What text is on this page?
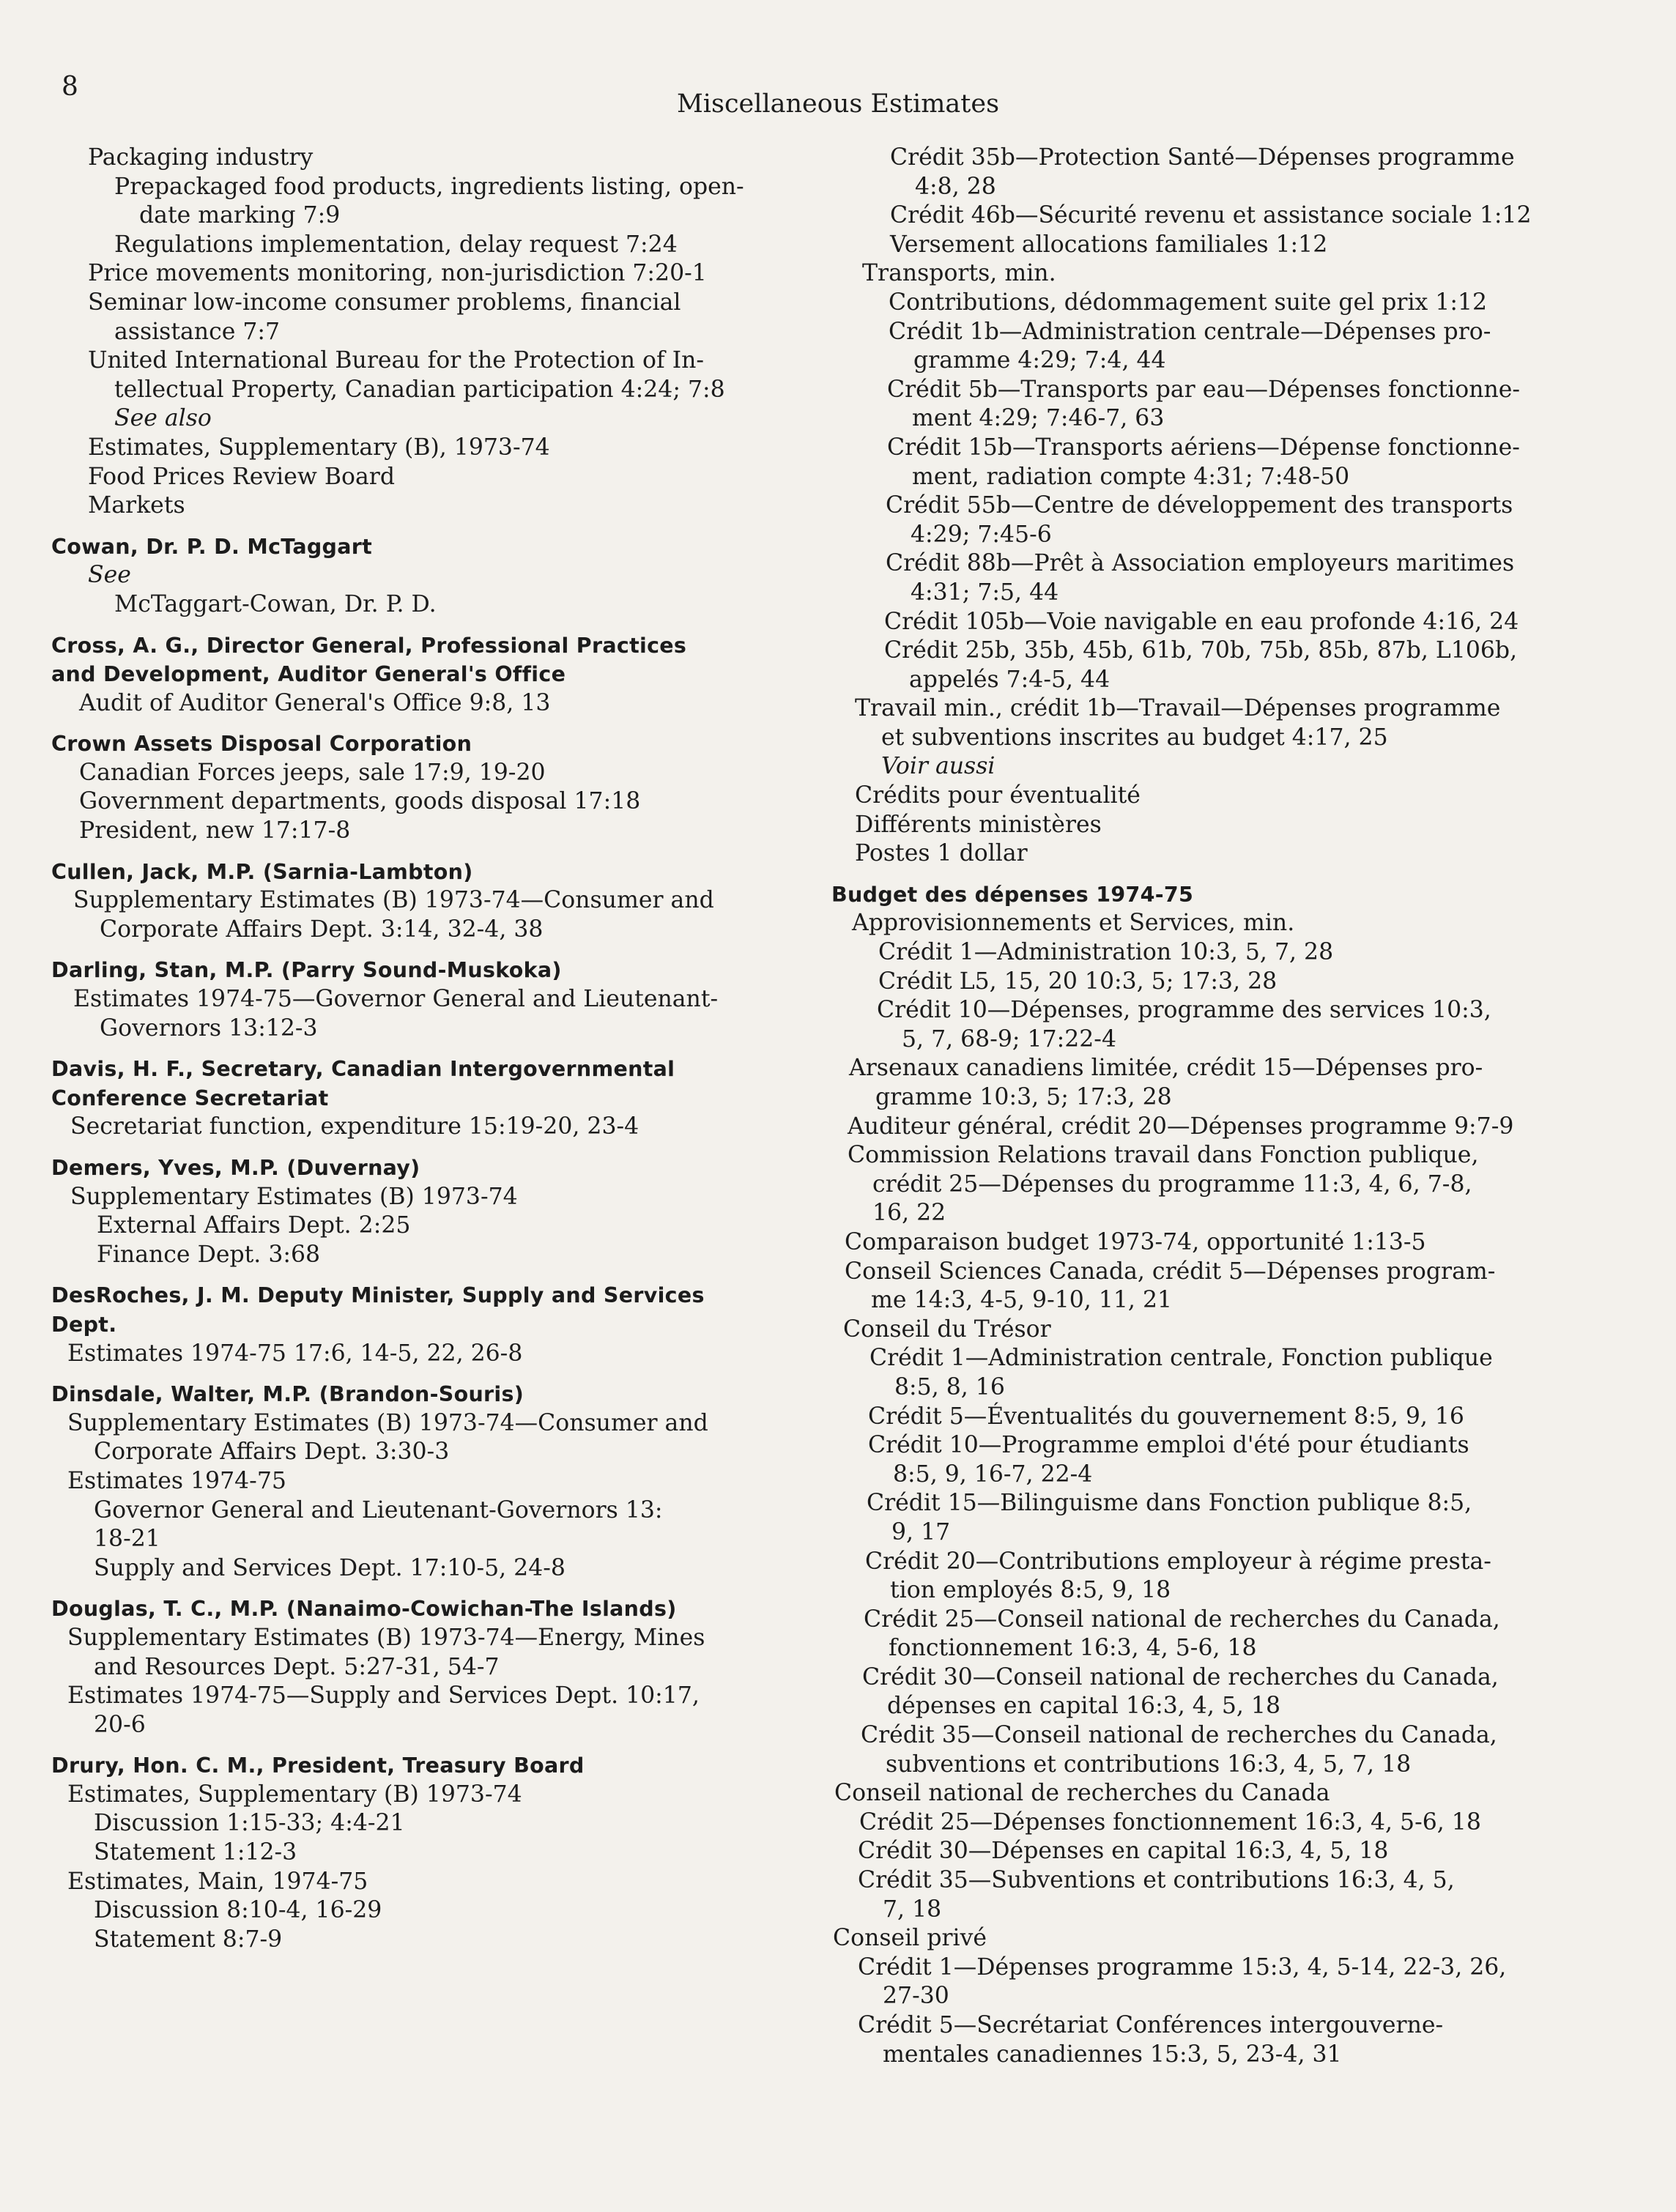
8
Miscellaneous Estimates
Packaging industry
Prepackaged food products, ingredients listing, open-
date marking 7:9
Regulations implementation, delay request 7:24
Price movements monitoring, non-jurisdiction 7:20-1
Seminar low-income consumer problems, financial
assistance 7:7
United International Bureau for the Protection of In-
tellectual Property, Canadian participation 4:24; 7:8
See also
Estimates, Supplementary (B), 1973-74
Food Prices Review Board
Markets
Cowan, Dr. P. D. McTaggart
See
McTaggart-Cowan, Dr. P. D.
Cross, A. G., Director General, Professional Practices
and Development, Auditor General's Office
Audit of Auditor General's Office 9:8, 13
Crown Assets Disposal Corporation
Canadian Forces jeeps, sale 17:9, 19-20
Government departments, goods disposal 17:18
President, new 17:17-8
Cullen, Jack, M.P. (Sarnia-Lambton)
Supplementary Estimates (B) 1973-74—Consumer and
Corporate Affairs Dept. 3:14, 32-4, 38
Darling, Stan, M.P. (Parry Sound-Muskoka)
Estimates 1974-75—Governor General and Lieutenant-
Governors 13:12-3
Davis, H. F., Secretary, Canadian Intergovernmental
Conference Secretariat
Secretariat function, expenditure 15:19-20, 23-4
Demers, Yves, M.P. (Duvernay)
Supplementary Estimates (B) 1973-74
External Affairs Dept. 2:25
Finance Dept. 3:68
DesRoches, J. M. Deputy Minister, Supply and Services
Dept.
Estimates 1974-75 17:6, 14-5, 22, 26-8
Dinsdale, Walter, M.P. (Brandon-Souris)
Supplementary Estimates (B) 1973-74—Consumer and
Corporate Affairs Dept. 3:30-3
Estimates 1974-75
Governor General and Lieutenant-Governors 13:
18-21
Supply and Services Dept. 17:10-5, 24-8
Douglas, T. C., M.P. (Nanaimo-Cowichan-The Islands)
Supplementary Estimates (B) 1973-74—Energy, Mines
and Resources Dept. 5:27-31, 54-7
Estimates 1974-75—Supply and Services Dept. 10:17,
20-6
Drury, Hon. C. M., President, Treasury Board
Estimates, Supplementary (B) 1973-74
Discussion 1:15-33; 4:4-21
Statement 1:12-3
Estimates, Main, 1974-75
Discussion 8:10-4, 16-29
Statement 8:7-9
Crédit 35b—Protection Santé—Dépenses programme
4:8, 28
Crédit 46b—Sécurité revenu et assistance sociale 1:12
Versement allocations familiales 1:12
Transports, min.
Contributions, dédommagement suite gel prix 1:12
Crédit 1b—Administration centrale—Dépenses pro-
gramme 4:29; 7:4, 44
Crédit 5b—Transports par eau—Dépenses fonctionne-
ment 4:29; 7:46-7, 63
Crédit 15b—Transports aériens—Dépense fonctionne-
ment, radiation compte 4:31; 7:48-50
Crédit 55b—Centre de développement des transports
4:29; 7:45-6
Crédit 88b—Prêt à Association employeurs maritimes
4:31; 7:5, 44
Crédit 105b—Voie navigable en eau profonde 4:16, 24
Crédit 25b, 35b, 45b, 61b, 70b, 75b, 85b, 87b, L106b,
appelés 7:4-5, 44
Travail min., crédit 1b—Travail—Dépenses programme
et subventions inscrites au budget 4:17, 25
Voir aussi
Crédits pour éventualité
Différents ministères
Postes 1 dollar
Budget des dépenses 1974-75
Approvisionnements et Services, min.
Crédit 1—Administration 10:3, 5, 7, 28
Crédit L5, 15, 20 10:3, 5; 17:3, 28
Crédit 10—Dépenses, programme des services 10:3,
5, 7, 68-9; 17:22-4
Arsenaux canadiens limitée, crédit 15—Dépenses pro-
gramme 10:3, 5; 17:3, 28
Auditeur général, crédit 20—Dépenses programme 9:7-9
Commission Relations travail dans Fonction publique,
crédit 25—Dépenses du programme 11:3, 4, 6, 7-8,
16, 22
Comparaison budget 1973-74, opportunité 1:13-5
Conseil Sciences Canada, crédit 5—Dépenses program-
me 14:3, 4-5, 9-10, 11, 21
Conseil du Trésor
Crédit 1—Administration centrale, Fonction publique
8:5, 8, 16
Crédit 5—Éventualités du gouvernement 8:5, 9, 16
Crédit 10—Programme emploi d'été pour étudiants
8:5, 9, 16-7, 22-4
Crédit 15—Bilinguisme dans Fonction publique 8:5,
9, 17
Crédit 20—Contributions employeur à régime presta-
tion employés 8:5, 9, 18
Crédit 25—Conseil national de recherches du Canada,
fonctionnement 16:3, 4, 5-6, 18
Crédit 30—Conseil national de recherches du Canada,
dépenses en capital 16:3, 4, 5, 18
Crédit 35—Conseil national de recherches du Canada,
subventions et contributions 16:3, 4, 5, 7, 18
Conseil national de recherches du Canada
Crédit 25—Dépenses fonctionnement 16:3, 4, 5-6, 18
Crédit 30—Dépenses en capital 16:3, 4, 5, 18
Crédit 35—Subventions et contributions 16:3, 4, 5,
7, 18
Conseil privé
Crédit 1—Dépenses programme 15:3, 4, 5-14, 22-3, 26,
27-30
Crédit 5—Secrétariat Conférences intergouverne-
mentales canadiennes 15:3, 5, 23-4, 31
